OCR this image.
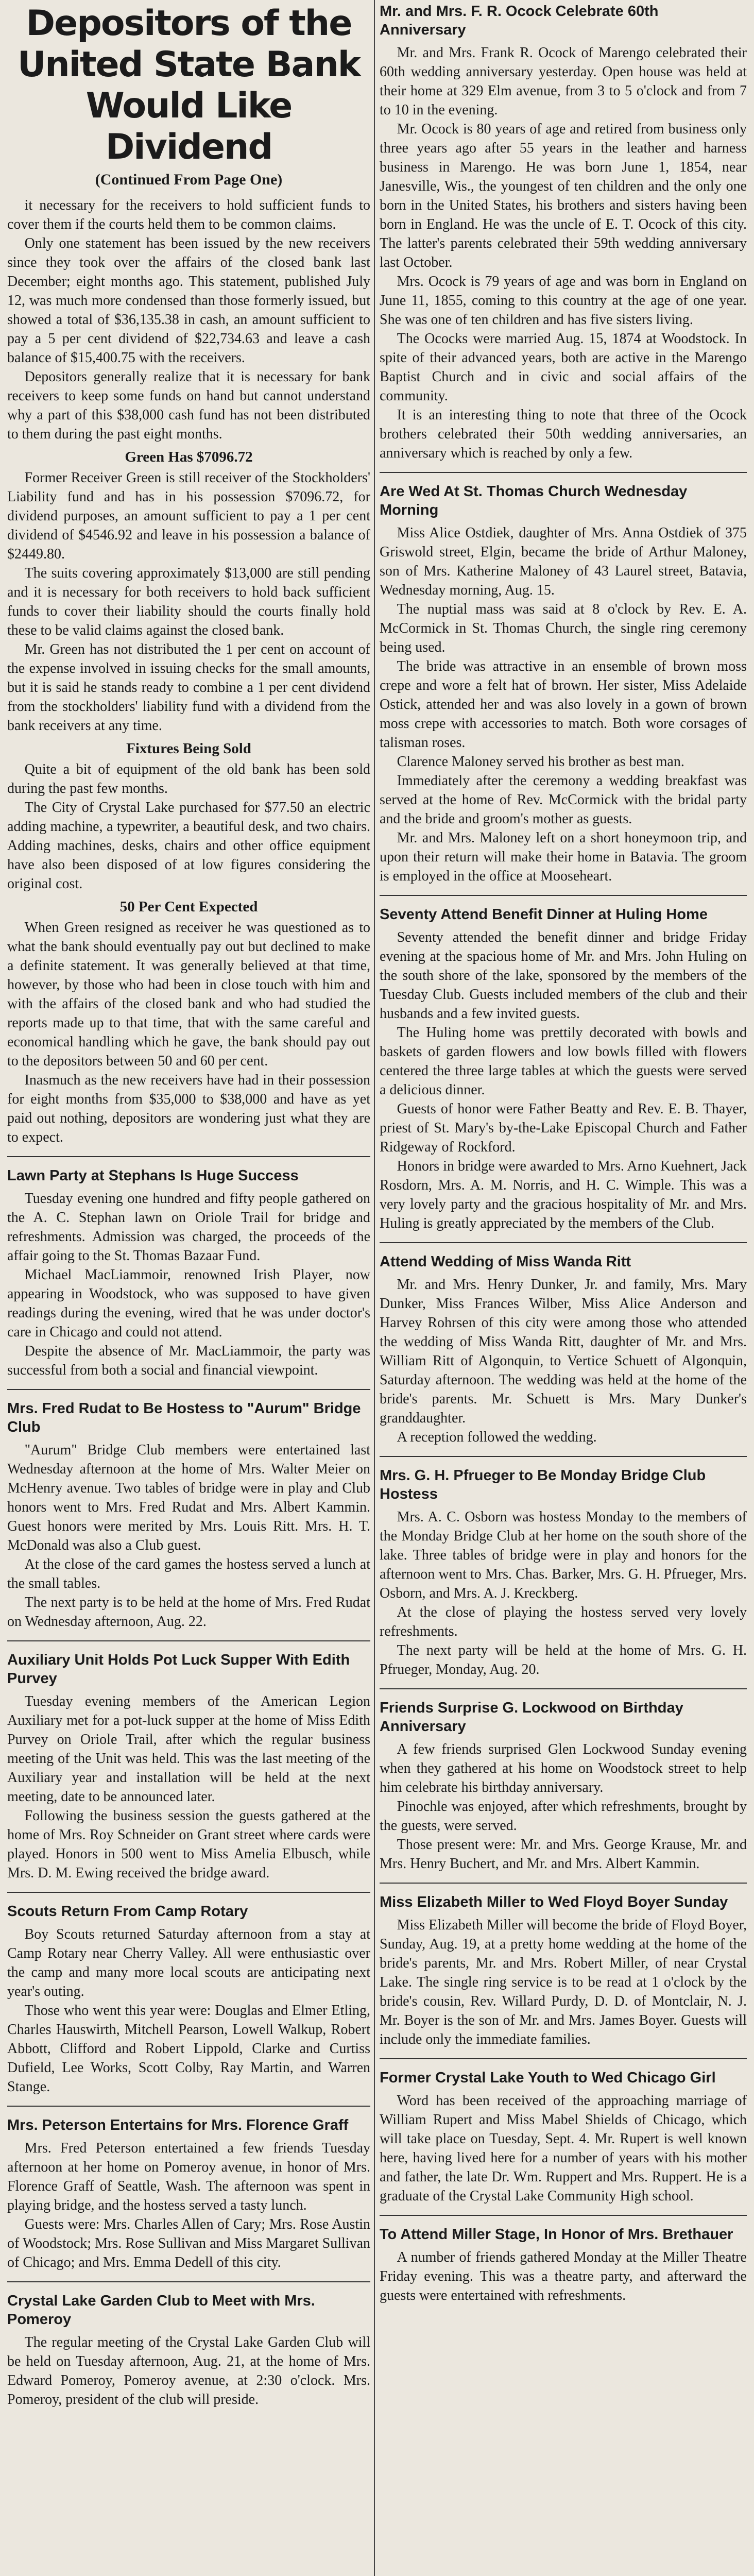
Depositors of the
United State Bank
Would Like Dividend
(Continued From Page One)

it necessary for the receivers to hold sufficient funds to cover them if the courts held them to be common claims.

Only one statement has been issued by the new receivers since they took over the affairs of the closed bank last December; eight months ago. This statement, published July 12, was much more condensed than those formerly issued, but showed a total of $36,135.38 in cash, an amount sufficient to pay a 5 per cent dividend of $22,734.63 and leave a cash balance of $15,400.75 with the receivers.

Depositors generally realize that it is necessary for bank receivers to keep some funds on hand but cannot understand why a part of this $38,000 cash fund has not been distributed to them during the past eight months.

Green Has $7096.72

Former Receiver Green is still receiver of the Stockholders' Liability fund and has in his possession $7096.72, for dividend purposes, an amount sufficient to pay a 1 per cent dividend of $4546.92 and leave in his possession a balance of $2449.80.

The suits covering approximately $13,000 are still pending and it is necessary for both receivers to hold back sufficient funds to cover their liability should the courts finally hold these to be valid claims against the closed bank.

Mr. Green has not distributed the 1 per cent on account of the expense involved in issuing checks for the small amounts, but it is said he stands ready to combine a 1 per cent dividend from the stockholders' liability fund with a dividend from the bank receivers at any time.

Fixtures Being Sold

Quite a bit of equipment of the old bank has been sold during the past few months.

The City of Crystal Lake purchased for $77.50 an electric adding machine, a typewriter, a beautiful desk, and two chairs. Adding machines, desks, chairs and other office equipment have also been disposed of at low figures considering the original cost.

50 Per Cent Expected

When Green resigned as receiver he was questioned as to what the bank should eventually pay out but declined to make a definite statement. It was generally believed at that time, however, by those who had been in close touch with him and with the affairs of the closed bank and who had studied the reports made up to that time, that with the same careful and economical handling which he gave, the bank should pay out to the depositors between 50 and 60 per cent.

Inasmuch as the new receivers have had in their possession for eight months from $35,000 to $38,000 and have as yet paid out nothing, depositors are wondering just what they are to expect.

Lawn Party at Stephans Is Huge Success

Tuesday evening one hundred and fifty people gathered on the A. C. Stephan lawn on Oriole Trail for bridge and refreshments. Admission was charged, the proceeds of the affair going to the St. Thomas Bazaar Fund.

Michael MacLiammoir, renowned Irish Player, now appearing in Woodstock, who was supposed to have given readings during the evening, wired that he was under doctor's care in Chicago and could not attend.

Despite the absence of Mr. MacLiammoir, the party was successful from both a social and financial viewpoint.

Mrs. Fred Rudat to Be Hostess to "Aurum" Bridge Club

"Aurum" Bridge Club members were entertained last Wednesday afternoon at the home of Mrs. Walter Meier on McHenry avenue. Two tables of bridge were in play and Club honors went to Mrs. Fred Rudat and Mrs. Albert Kammin. Guest honors were merited by Mrs. Louis Ritt. Mrs. H. T. McDonald was also a Club guest.

At the close of the card games the hostess served a lunch at the small tables.

The next party is to be held at the home of Mrs. Fred Rudat on Wednesday afternoon, Aug. 22.

Auxiliary Unit Holds Pot Luck Supper With Edith Purvey

Tuesday evening members of the American Legion Auxiliary met for a pot-luck supper at the home of Miss Edith Purvey on Oriole Trail, after which the regular business meeting of the Unit was held. This was the last meeting of the Auxiliary year and installation will be held at the next meeting, date to be announced later.

Following the business session the guests gathered at the home of Mrs. Roy Schneider on Grant street where cards were played. Honors in 500 went to Miss Amelia Elbusch, while Mrs. D. M. Ewing received the bridge award.

Scouts Return From Camp Rotary

Boy Scouts returned Saturday afternoon from a stay at Camp Rotary near Cherry Valley. All were enthusiastic over the camp and many more local scouts are anticipating next year's outing.

Those who went this year were: Douglas and Elmer Etling, Charles Hauswirth, Mitchell Pearson, Lowell Walkup, Robert Abbott, Clifford and Robert Lippold, Clarke and Curtiss Dufield, Lee Works, Scott Colby, Ray Martin, and Warren Stange.

Mrs. Peterson Entertains for Mrs. Florence Graff

Mrs. Fred Peterson entertained a few friends Tuesday afternoon at her home on Pomeroy avenue, in honor of Mrs. Florence Graff of Seattle, Wash. The afternoon was spent in playing bridge, and the hostess served a tasty lunch.

Guests were: Mrs. Charles Allen of Cary; Mrs. Rose Austin of Woodstock; Mrs. Rose Sullivan and Miss Margaret Sullivan of Chicago; and Mrs. Emma Dedell of this city.

Crystal Lake Garden Club to Meet with Mrs. Pomeroy

The regular meeting of the Crystal Lake Garden Club will be held on Tuesday afternoon, Aug. 21, at the home of Mrs. Edward Pomeroy, Pomeroy avenue, at 2:30 o'clock. Mrs. Pomeroy, president of the club will preside.

Mr. and Mrs. F. R. Ocock Celebrate 60th Anniversary

Mr. and Mrs. Frank R. Ocock of Marengo celebrated their 60th wedding anniversary yesterday. Open house was held at their home at 329 Elm avenue, from 3 to 5 o'clock and from 7 to 10 in the evening.

Mr. Ocock is 80 years of age and retired from business only three years ago after 55 years in the leather and harness business in Marengo. He was born June 1, 1854, near Janesville, Wis., the youngest of ten children and the only one born in the United States, his brothers and sisters having been born in England. He was the uncle of E. T. Ocock of this city. The latter's parents celebrated their 59th wedding anniversary last October.

Mrs. Ocock is 79 years of age and was born in England on June 11, 1855, coming to this country at the age of one year. She was one of ten children and has five sisters living.

The Ococks were married Aug. 15, 1874 at Woodstock. In spite of their advanced years, both are active in the Marengo Baptist Church and in civic and social affairs of the community.

It is an interesting thing to note that three of the Ocock brothers celebrated their 50th wedding anniversaries, an anniversary which is reached by only a few.

Are Wed At St. Thomas Church Wednesday Morning

Miss Alice Ostdiek, daughter of Mrs. Anna Ostdiek of 375 Griswold street, Elgin, became the bride of Arthur Maloney, son of Mrs. Katherine Maloney of 43 Laurel street, Batavia, Wednesday morning, Aug. 15.

The nuptial mass was said at 8 o'clock by Rev. E. A. McCormick in St. Thomas Church, the single ring ceremony being used.

The bride was attractive in an ensemble of brown moss crepe and wore a felt hat of brown. Her sister, Miss Adelaide Ostick, attended her and was also lovely in a gown of brown moss crepe with accessories to match. Both wore corsages of talisman roses.

Clarence Maloney served his brother as best man.

Immediately after the ceremony a wedding breakfast was served at the home of Rev. McCormick with the bridal party and the bride and groom's mother as guests.

Mr. and Mrs. Maloney left on a short honeymoon trip, and upon their return will make their home in Batavia. The groom is employed in the office at Mooseheart.

Seventy Attend Benefit Dinner at Huling Home

Seventy attended the benefit dinner and bridge Friday evening at the spacious home of Mr. and Mrs. John Huling on the south shore of the lake, sponsored by the members of the Tuesday Club. Guests included members of the club and their husbands and a few invited guests.

The Huling home was prettily decorated with bowls and baskets of garden flowers and low bowls filled with flowers centered the three large tables at which the guests were served a delicious dinner.

Guests of honor were Father Beatty and Rev. E. B. Thayer, priest of St. Mary's by-the-Lake Episcopal Church and Father Ridgeway of Rockford.

Honors in bridge were awarded to Mrs. Arno Kuehnert, Jack Rosdorn, Mrs. A. M. Norris, and H. C. Wimple. This was a very lovely party and the gracious hospitality of Mr. and Mrs. Huling is greatly appreciated by the members of the Club.

Attend Wedding of Miss Wanda Ritt

Mr. and Mrs. Henry Dunker, Jr. and family, Mrs. Mary Dunker, Miss Frances Wilber, Miss Alice Anderson and Harvey Rohrsen of this city were among those who attended the wedding of Miss Wanda Ritt, daughter of Mr. and Mrs. William Ritt of Algonquin, to Vertice Schuett of Algonquin, Saturday afternoon. The wedding was held at the home of the bride's parents. Mr. Schuett is Mrs. Mary Dunker's granddaughter.

A reception followed the wedding.

Mrs. G. H. Pfrueger to Be Monday Bridge Club Hostess

Mrs. A. C. Osborn was hostess Monday to the members of the Monday Bridge Club at her home on the south shore of the lake. Three tables of bridge were in play and honors for the afternoon went to Mrs. Chas. Barker, Mrs. G. H. Pfrueger, Mrs. Osborn, and Mrs. A. J. Kreckberg.

At the close of playing the hostess served very lovely refreshments.

The next party will be held at the home of Mrs. G. H. Pfrueger, Monday, Aug. 20.

Friends Surprise G. Lockwood on Birthday Anniversary

A few friends surprised Glen Lockwood Sunday evening when they gathered at his home on Woodstock street to help him celebrate his birthday anniversary.

Pinochle was enjoyed, after which refreshments, brought by the guests, were served.

Those present were: Mr. and Mrs. George Krause, Mr. and Mrs. Henry Buchert, and Mr. and Mrs. Albert Kammin.

Miss Elizabeth Miller to Wed Floyd Boyer Sunday

Miss Elizabeth Miller will become the bride of Floyd Boyer, Sunday, Aug. 19, at a pretty home wedding at the home of the bride's parents, Mr. and Mrs. Robert Miller, of near Crystal Lake. The single ring service is to be read at 1 o'clock by the bride's cousin, Rev. Willard Purdy, D. D. of Montclair, N. J. Mr. Boyer is the son of Mr. and Mrs. James Boyer. Guests will include only the immediate families.

Former Crystal Lake Youth to Wed Chicago Girl

Word has been received of the approaching marriage of William Rupert and Miss Mabel Shields of Chicago, which will take place on Tuesday, Sept. 4. Mr. Rupert is well known here, having lived here for a number of years with his mother and father, the late Dr. Wm. Ruppert and Mrs. Ruppert. He is a graduate of the Crystal Lake Community High school.

To Attend Miller Stage, In Honor of Mrs. Brethauer

A number of friends gathered Monday at the Miller Theatre Friday evening. This was a theatre party, and afterward the guests were entertained with refreshments.
